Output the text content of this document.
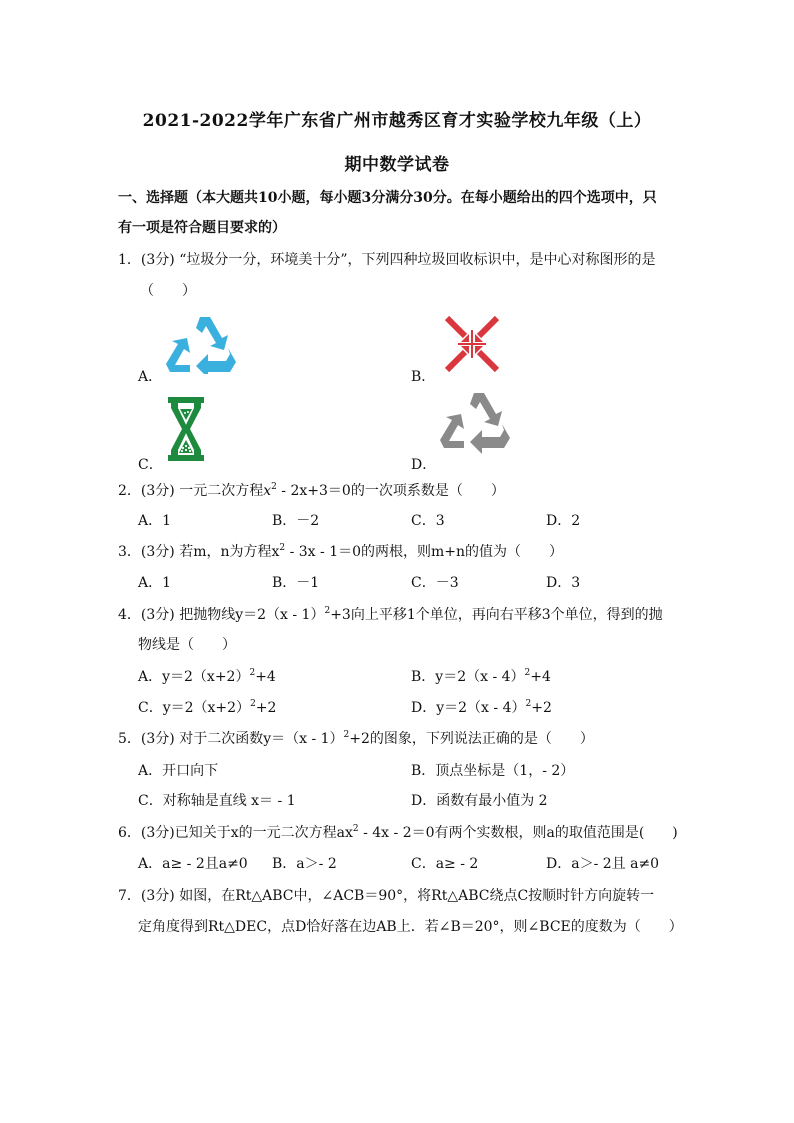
2021-2022学年广东省广州市越秀区育才实验学校九年级（上）
期中数学试卷
一、选择题（本大题共10小题，每小题3分满分30分。在每小题给出的四个选项中，只
有一项是符合题目要求的）
1．(3分) “垃圾分一分，环境美十分”，下列四种垃圾回收标识中，是中心对称图形的是
（　　）
A．	B．
C．	D．
2．(3分) 一元二次方程$x^2 - 2x+3=0$的一次项系数是（　　）
A．1	B．－2	C．3	D．2
3．(3分) 若m，n为方程$x^2 - 3x - 1=0$的两根，则m+n的值为（　　）
A．1	B．－1	C．－3	D．3
4．(3分) 把抛物线y＝2（x - 1）$^2$+3向上平移1个单位，再向右平移3个单位，得到的抛
物线是（　　）
A．$y=2(x+2)^2+4$	B．y＝2（x - 4）$^2$+4
C．$y=2(x+2)^2+2$	D．y＝2（x - 4）$^2$+2
5．(3分) 对于二次函数y＝（x - 1）$^2$+2的图象，下列说法正确的是（　　）
A．开口向下	B．顶点坐标是（1，- 2）
C．对称轴是直线 x＝ - 1	D．函数有最小值为 2
6．(3分)已知关于x的一元二次方程$ax^2 - 4x - 2=0$有两个实数根，则a的取值范围是(　　)
A．a≥ - 2且a≠0 B．a＞- 2	C．a≥ - 2	D．a＞- 2且 a≠0
7．(3分) 如图，在Rt△ABC中，∠ACB＝90°，将Rt△ABC绕点C按顺时针方向旋转一
定角度得到Rt△DEC，点D恰好落在边AB上．若∠B＝20°，则∠BCE的度数为（　　）
